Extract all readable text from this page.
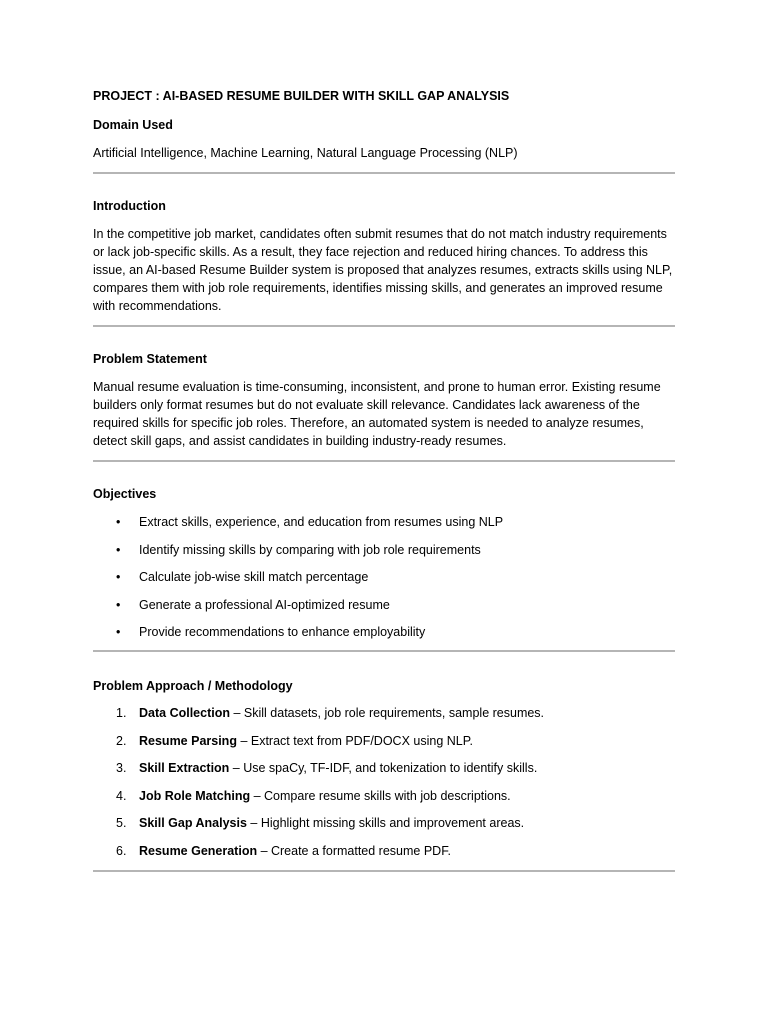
PROJECT : AI-BASED RESUME BUILDER WITH SKILL GAP ANALYSIS
Domain Used

Artificial Intelligence, Machine Learning, Natural Language Processing (NLP)

Introduction

In the competitive job market, candidates often submit resumes that do not match industry requirements or lack job-specific skills. As a result, they face rejection and reduced hiring chances. To address this issue, an AI-based Resume Builder system is proposed that analyzes resumes, extracts skills using NLP, compares them with job role requirements, identifies missing skills, and generates an improved resume with recommendations.

Problem Statement

Manual resume evaluation is time-consuming, inconsistent, and prone to human error. Existing resume builders only format resumes but do not evaluate skill relevance. Candidates lack awareness of the required skills for specific job roles. Therefore, an automated system is needed to analyze resumes, detect skill gaps, and assist candidates in building industry-ready resumes.

Objectives
• Extract skills, experience, and education from resumes using NLP
• Identify missing skills by comparing with job role requirements
• Calculate job-wise skill match percentage
• Generate a professional AI-optimized resume
• Provide recommendations to enhance employability
Problem Approach / Methodology
1. Data Collection – Skill datasets, job role requirements, sample resumes.
2. Resume Parsing – Extract text from PDF/DOCX using NLP.
3. Skill Extraction – Use spaCy, TF-IDF, and tokenization to identify skills.
4. Job Role Matching – Compare resume skills with job descriptions.
5. Skill Gap Analysis – Highlight missing skills and improvement areas.
6. Resume Generation – Create a formatted resume PDF.
